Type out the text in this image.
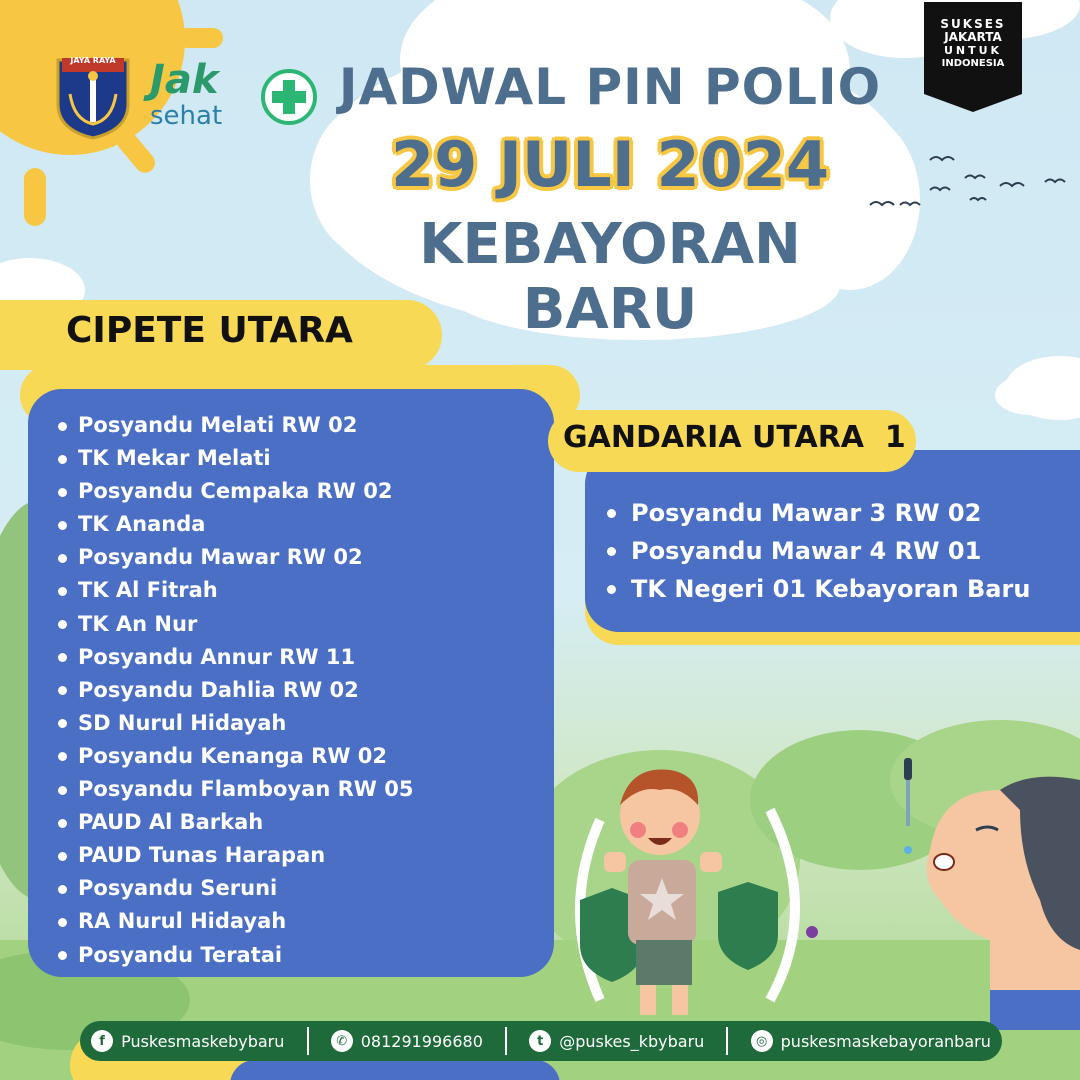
JAYA RAYA Jak
sehat
SUKSES
JAKARTA
UNTUK
INDONESIA
JADWAL PIN POLIO
29 JULI 2024
KEBAYORAN BARU
CIPETE UTARA
Posyandu Melati RW 02
TK Mekar Melati
Posyandu Cempaka RW 02
TK Ananda
Posyandu Mawar RW 02
TK Al Fitrah
TK An Nur
Posyandu Annur RW 11
Posyandu Dahlia RW 02
SD Nurul Hidayah
Posyandu Kenanga RW 02
Posyandu Flamboyan RW 05
PAUD Al Barkah
PAUD Tunas Harapan
Posyandu Seruni
RA Nurul Hidayah
Posyandu Teratai
Posyandu Mawar 3 RW 02
Posyandu Mawar 4 RW 01
TK Negeri 01 Kebayoran Baru
GANDARIA UTARA  1
f	Puskesmaskebybaru	✆ 081291996680	t @puskes_kbybaru	◎ puskesmaskebayoranbaru
